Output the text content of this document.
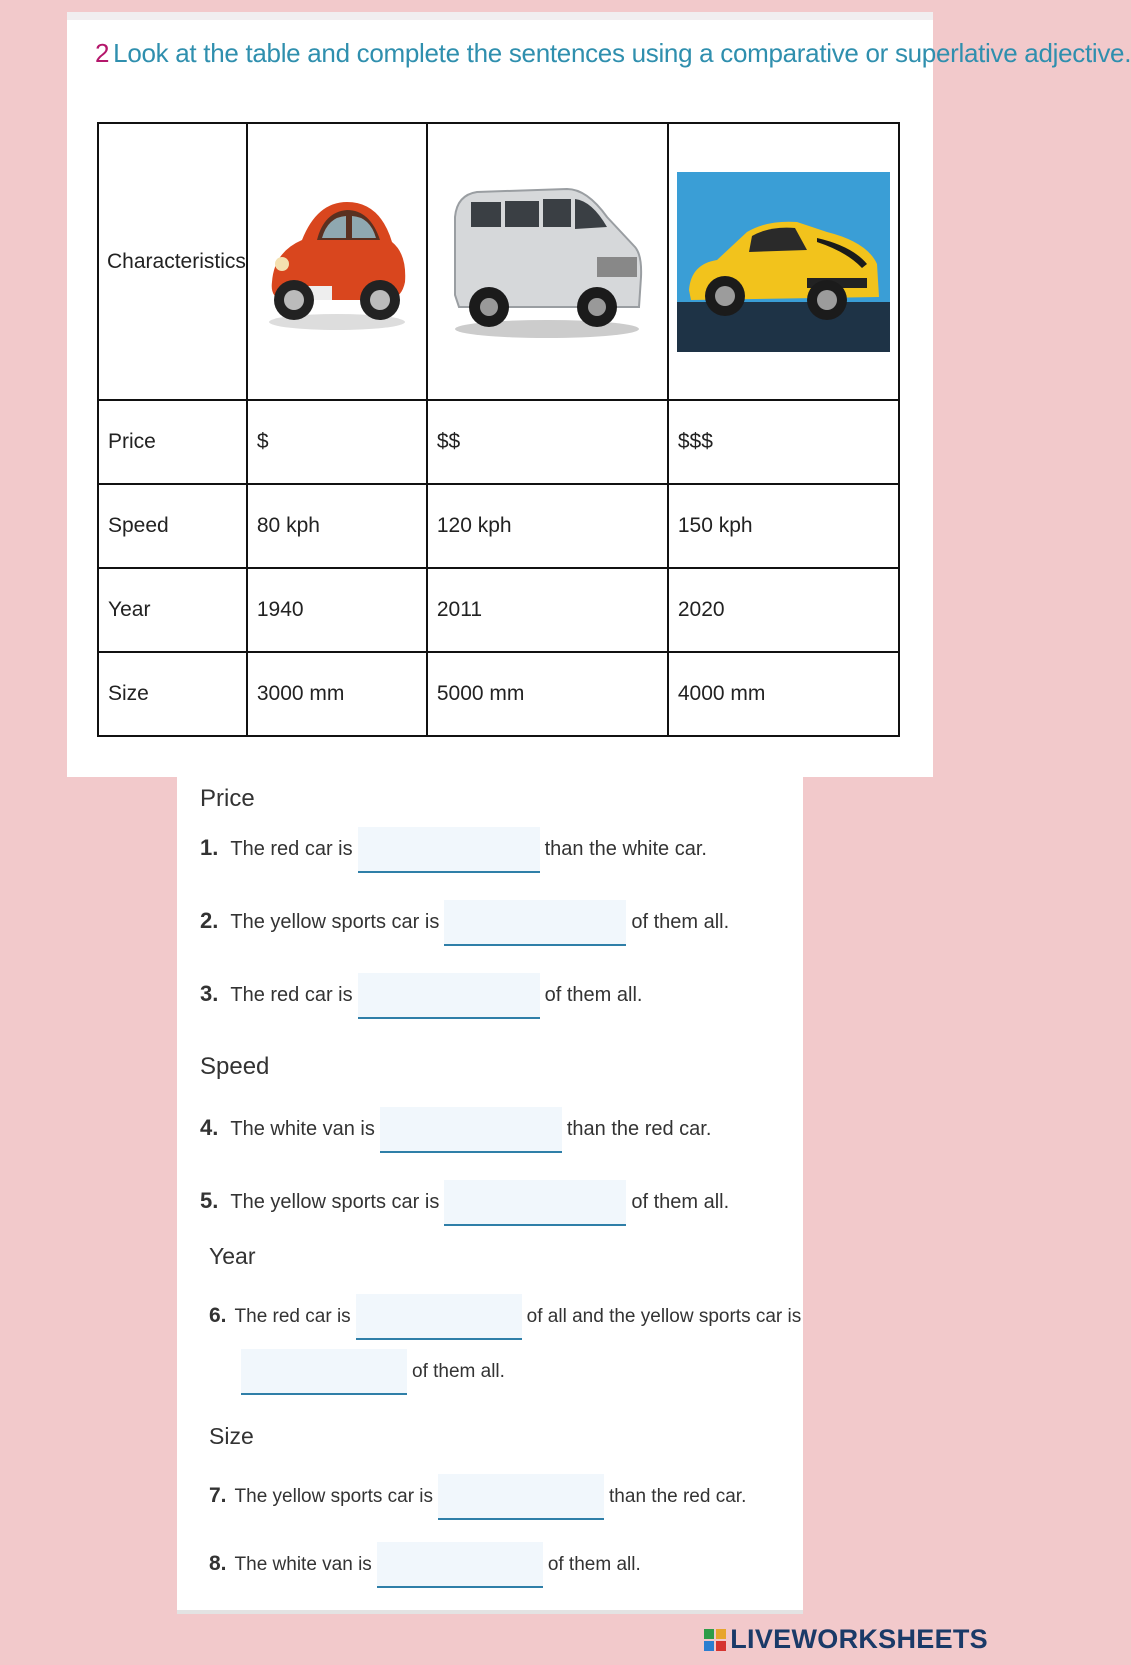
2 Look at the table and complete the sentences using a comparative or superlative adjective.
Characteristics	

Price	$	$$	$$$
Speed	80 kph	120 kph	150 kph
Year	1940	2011	2020
Size	3000 mm	5000 mm	4000 mm
Price
1. The red car is	than the white car.
2. The yellow sports car is	of them all.
3. The red car is	of them all.
Speed
4. The white van is	than the red car.
5. The yellow sports car is	of them all.
Year
6. The red car is	of all and the yellow sports car is
of them all.
Size
7. The yellow sports car is	than the red car.
8. The white van is	of them all.
LIVEWORKSHEETS
